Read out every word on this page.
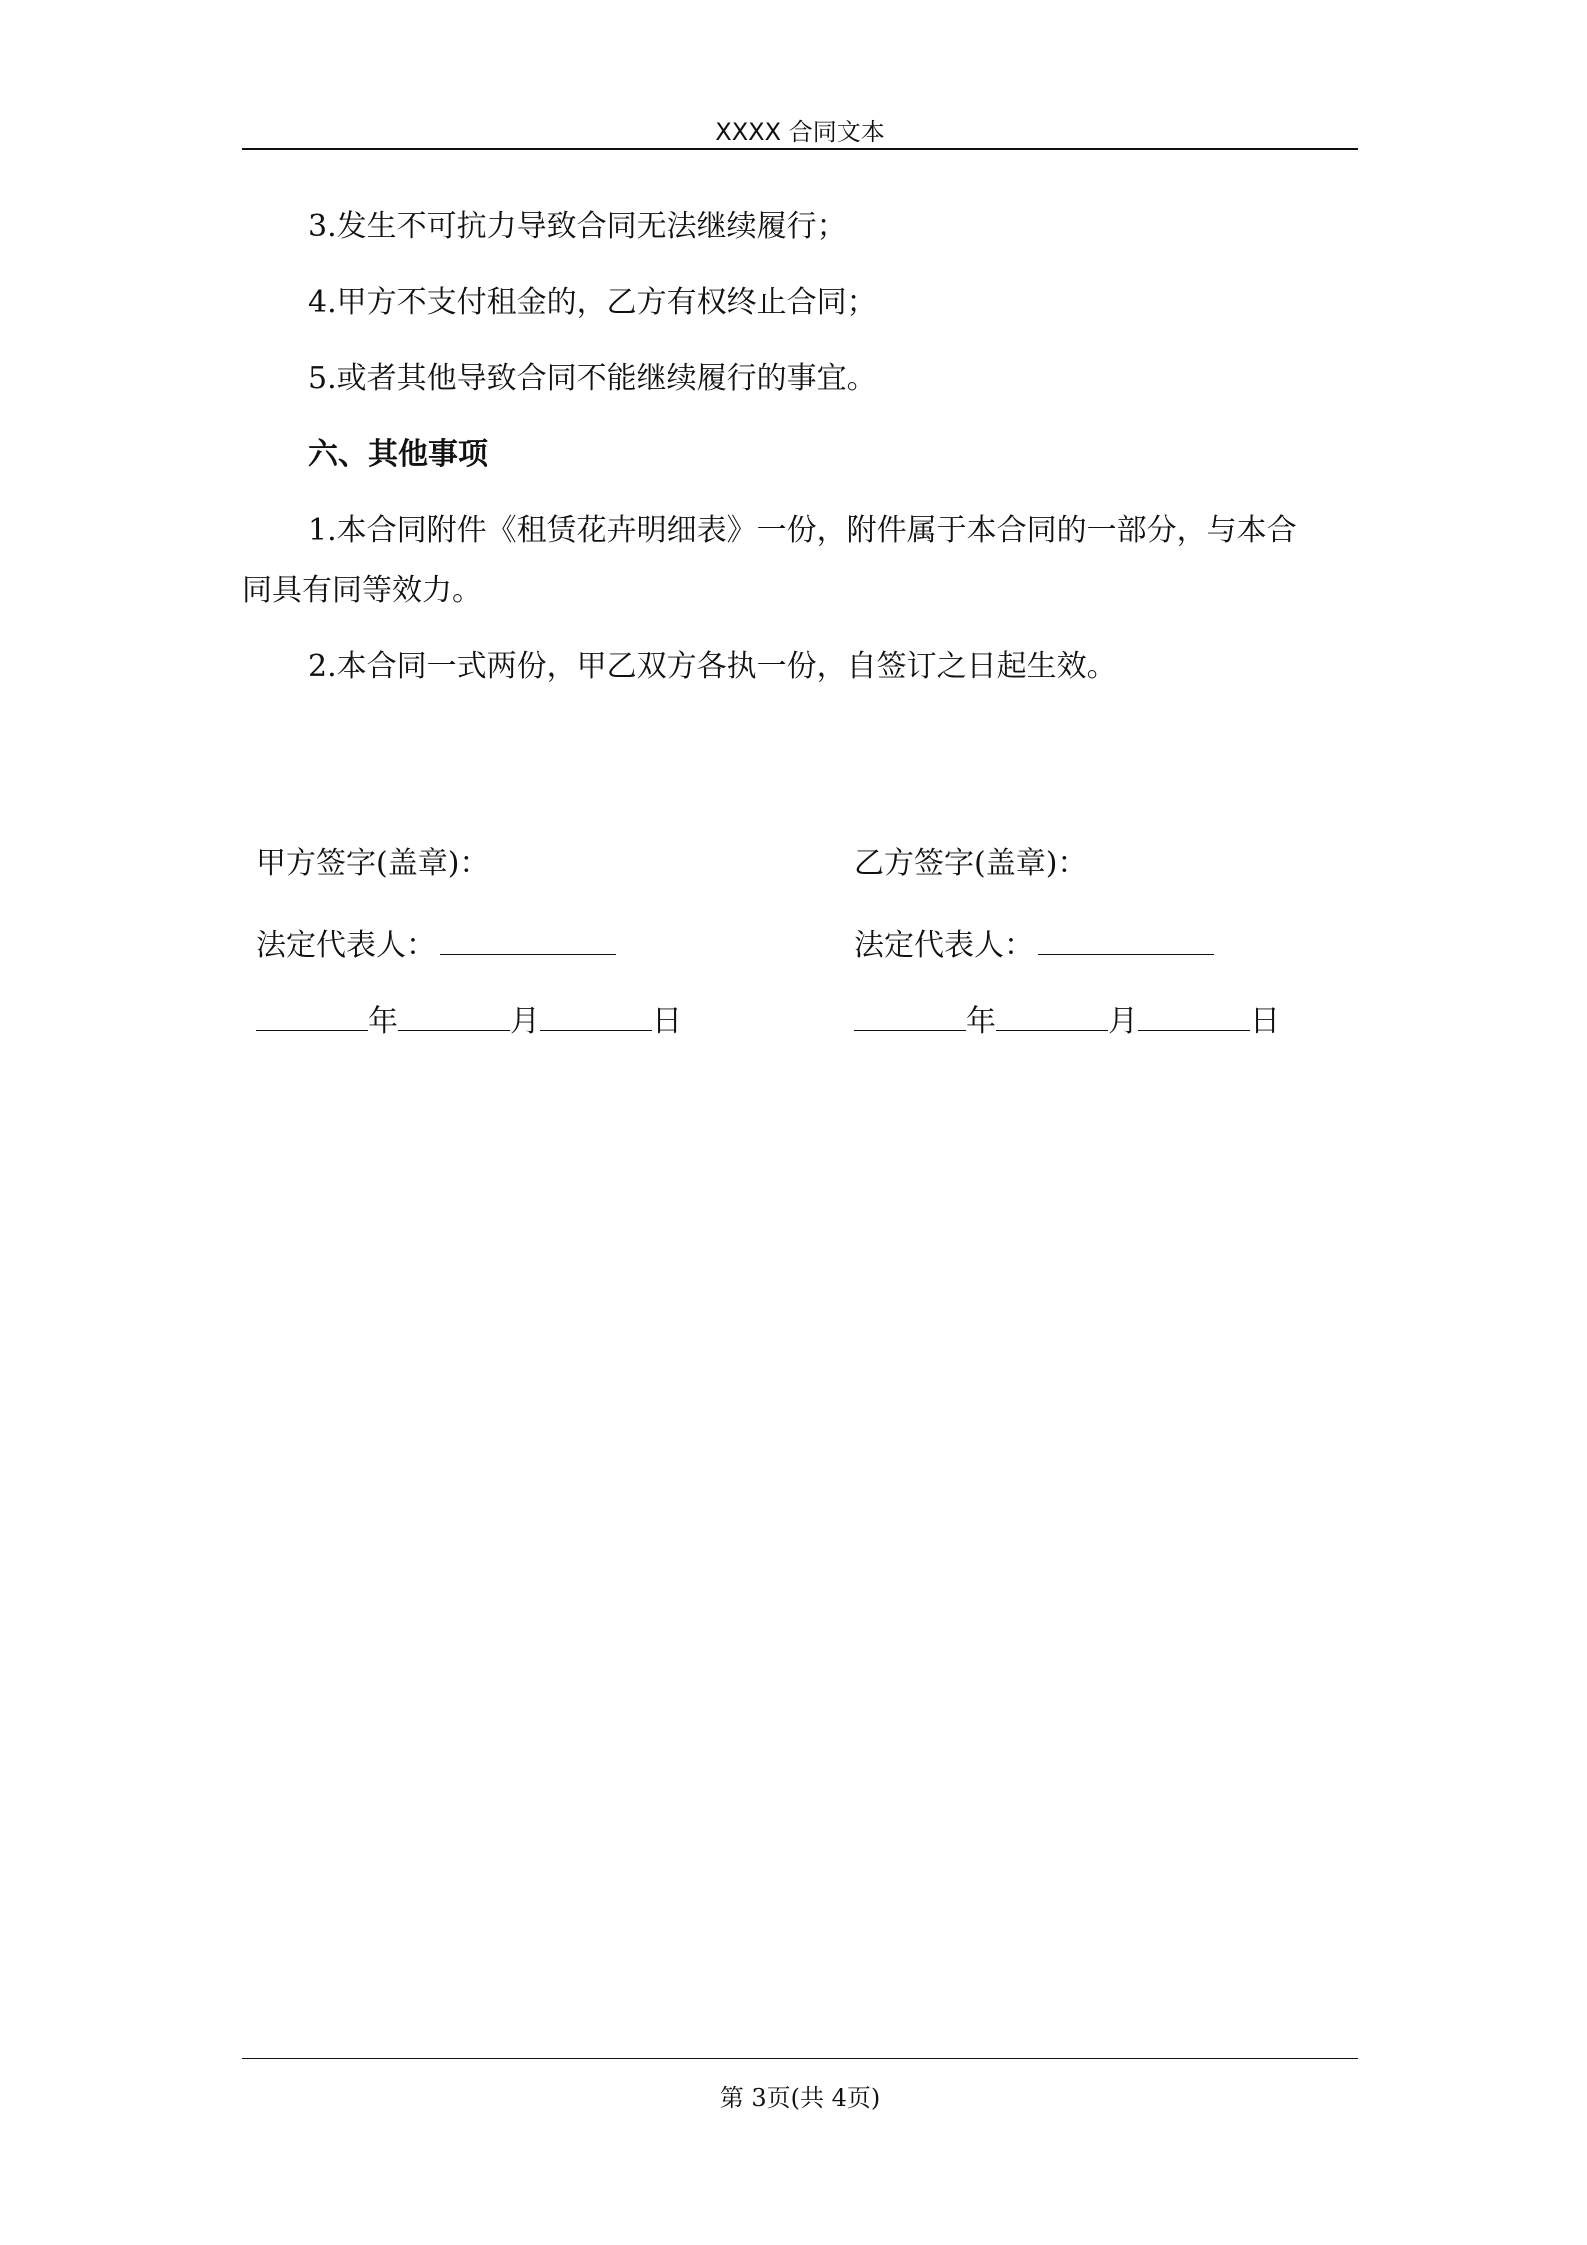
XXXX 合同文本
3.发生不可抗力导致合同无法继续履行；
4.甲方不支付租金的，乙方有权终止合同；
5.或者其他导致合同不能继续履行的事宜。
六、其他事项
1.本合同附件《租赁花卉明细表》一份，附件属于本合同的一部分，与本合
同具有同等效力。
2.本合同一式两份，甲乙双方各执一份，自签订之日起生效。
甲方签字(盖章)：
法定代表人：
年	月	日
乙方签字(盖章)：
法定代表人：
年	月	日
第 3页(共 4页)
